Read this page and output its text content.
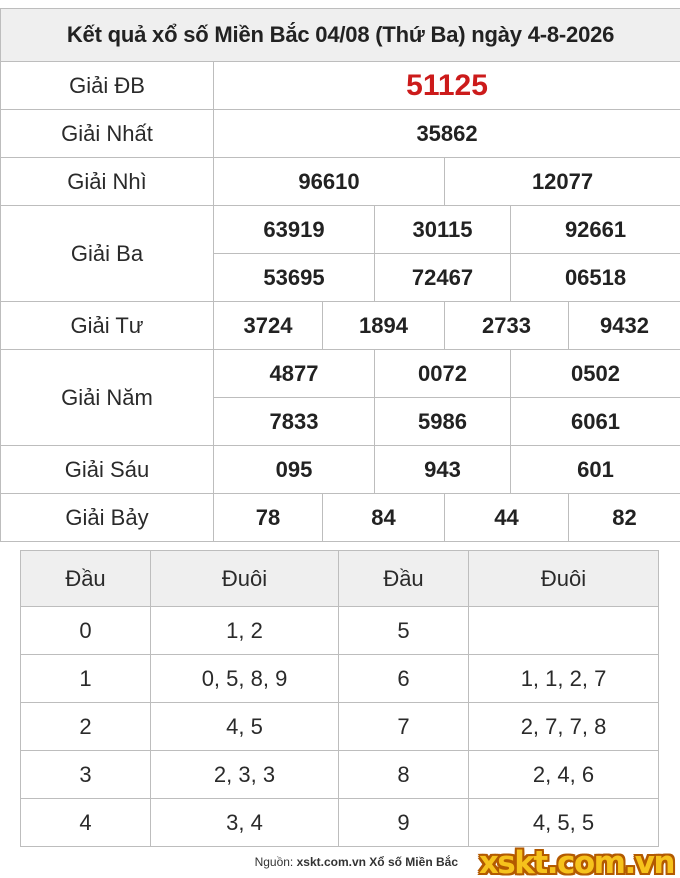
Kết quả xổ số Miền Bắc 04/08 (Thứ Ba) ngày 4-8-2026						
Giải ĐB	51125					
Giải Nhất	35862					
Giải Nhì	96610			12077		
Giải Ba	63919		30115		92661	
	53695		72467		06518	
Giải Tư	3724	1894		2733		9432
Giải Năm	4877		0072		0502	
	7833		5986		6061	
Giải Sáu	095		943		601	
Giải Bảy	78	84		44		82
Đầu	Đuôi	Đầu	Đuôi
0	1, 2	5	
1	0, 5, 8, 9	6	1, 1, 2, 7
2	4, 5	7	2, 7, 7, 8
3	2, 3, 3	8	2, 4, 6
4	3, 4	9	4, 5, 5
Nguồn: xskt.com.vn Xổ số Miền Bắc xskt.com.vn
